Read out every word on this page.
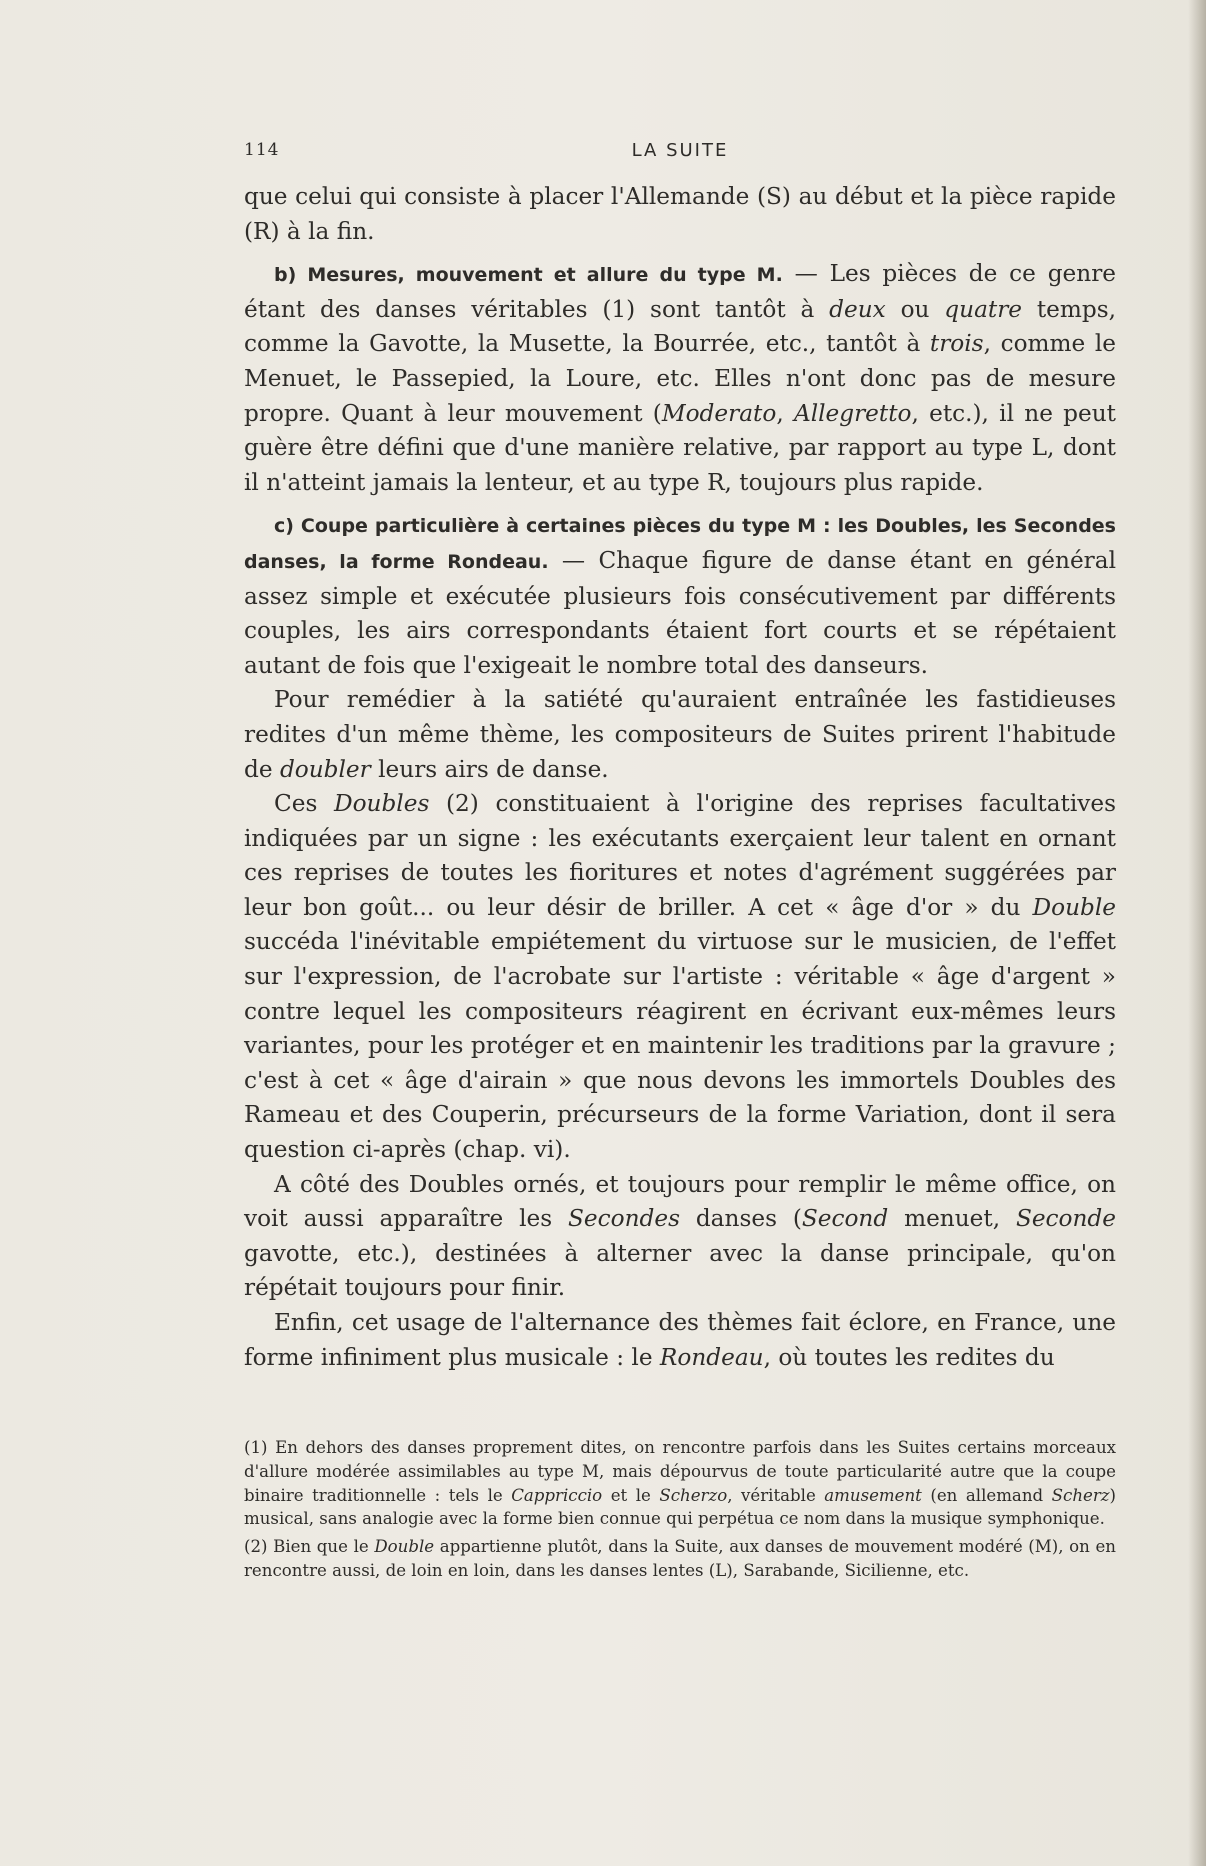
114	LA SUITE

que celui qui consiste à placer l'Allemande (S) au début et la pièce rapide (R) à la fin.

b) Mesures, mouvement et allure du type M. — Les pièces de ce genre étant des danses véritables (1) sont tantôt à deux ou quatre temps, comme la Gavotte, la Musette, la Bourrée, etc., tantôt à trois, comme le Menuet, le Passepied, la Loure, etc. Elles n'ont donc pas de mesure propre. Quant à leur mouvement (Moderato, Allegretto, etc.), il ne peut guère être défini que d'une manière relative, par rapport au type L, dont il n'atteint jamais la lenteur, et au type R, toujours plus rapide.

c) Coupe particulière à certaines pièces du type M : les Doubles, les Secondes danses, la forme Rondeau. — Chaque figure de danse étant en général assez simple et exécutée plusieurs fois consécutivement par différents couples, les airs correspondants étaient fort courts et se répétaient autant de fois que l'exigeait le nombre total des danseurs.

Pour remédier à la satiété qu'auraient entraînée les fastidieuses redites d'un même thème, les compositeurs de Suites prirent l'habitude de doubler leurs airs de danse.

Ces Doubles (2) constituaient à l'origine des reprises facultatives indiquées par un signe : les exécutants exerçaient leur talent en ornant ces reprises de toutes les fioritures et notes d'agrément suggérées par leur bon goût... ou leur désir de briller. A cet « âge d'or » du Double succéda l'inévitable empiétement du virtuose sur le musicien, de l'effet sur l'expression, de l'acrobate sur l'artiste : véritable « âge d'argent » contre lequel les compositeurs réagirent en écrivant eux-mêmes leurs variantes, pour les protéger et en maintenir les traditions par la gravure ; c'est à cet « âge d'airain » que nous devons les immortels Doubles des Rameau et des Couperin, précurseurs de la forme Variation, dont il sera question ci-après (chap. vi).

A côté des Doubles ornés, et toujours pour remplir le même office, on voit aussi apparaître les Secondes danses (Second menuet, Seconde gavotte, etc.), destinées à alterner avec la danse principale, qu'on répétait toujours pour finir.

Enfin, cet usage de l'alternance des thèmes fait éclore, en France, une forme infiniment plus musicale : le Rondeau, où toutes les redites du

(1) En dehors des danses proprement dites, on rencontre parfois dans les Suites certains morceaux d'allure modérée assimilables au type M, mais dépourvus de toute particularité autre que la coupe binaire traditionnelle : tels le Cappriccio et le Scherzo, véritable amusement (en allemand Scherz) musical, sans analogie avec la forme bien connue qui perpétua ce nom dans la musique symphonique.

(2) Bien que le Double appartienne plutôt, dans la Suite, aux danses de mouvement modéré (M), on en rencontre aussi, de loin en loin, dans les danses lentes (L), Sarabande, Sicilienne, etc.
